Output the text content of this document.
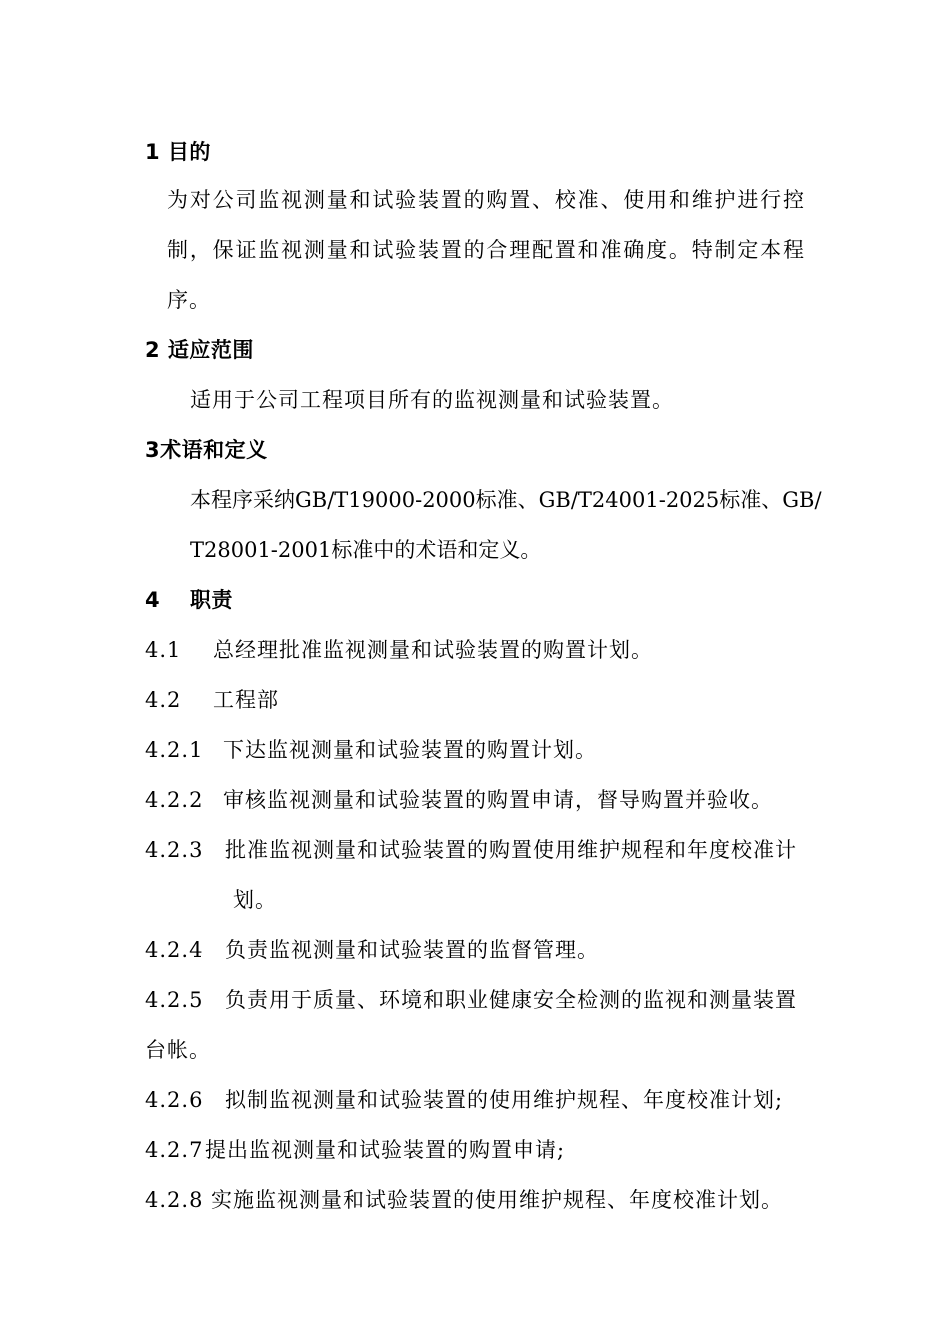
1 目的
为对公司监视测量和试验装置的购置、校准、使用和维护进行控
制，保证监视测量和试验装置的合理配置和准确度。特制定本程
序。
2 适应范围
适用于公司工程项目所有的监视测量和试验装置。
3术语和定义
本程序采纳GB/T19000-2000标准、GB/T24001-2025标准、GB/
T28001-2001标准中的术语和定义。
4 职责
4.1 总经理批准监视测量和试验装置的购置计划。
4.2 工程部
4.2.1 下达监视测量和试验装置的购置计划。
4.2.2 审核监视测量和试验装置的购置申请，督导购置并验收。
4.2.3 批准监视测量和试验装置的购置使用维护规程和年度校准计
划。
4.2.4 负责监视测量和试验装置的监督管理。
4.2.5 负责用于质量、环境和职业健康安全检测的监视和测量装置
台帐。
4.2.6 拟制监视测量和试验装置的使用维护规程、年度校准计划;
4.2.7提出监视测量和试验装置的购置申请;
4.2.8 实施监视测量和试验装置的使用维护规程、年度校准计划。
